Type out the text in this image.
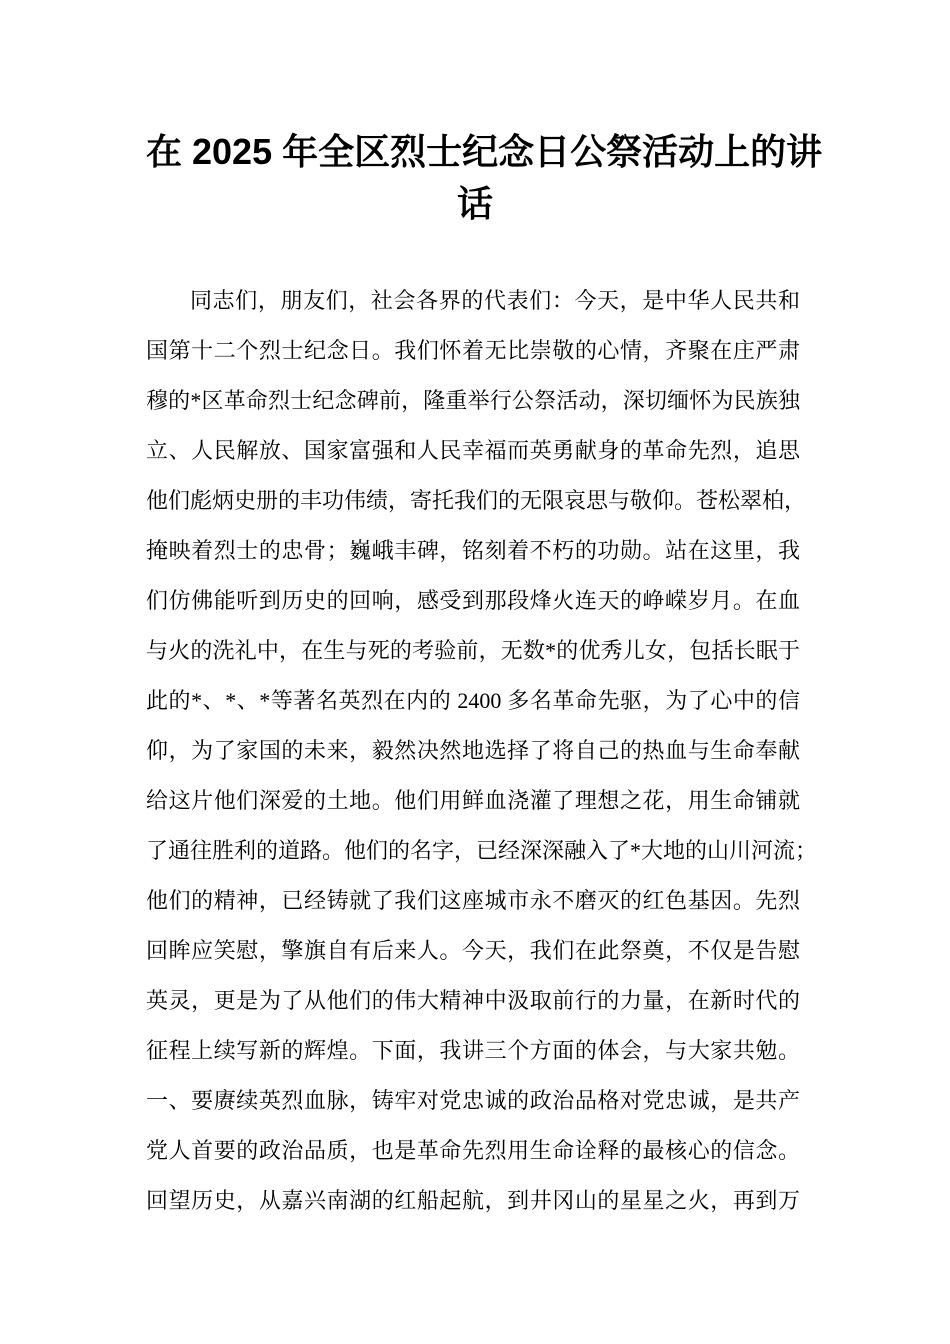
在 2025 年全区烈士纪念日公祭活动上的讲
话
同志们，朋友们，社会各界的代表们：今天，是中华人民共和
国第十二个烈士纪念日。我们怀着无比崇敬的心情，齐聚在庄严肃
穆的*区革命烈士纪念碑前，隆重举行公祭活动，深切缅怀为民族独
立、人民解放、国家富强和人民幸福而英勇献身的革命先烈，追思
他们彪炳史册的丰功伟绩，寄托我们的无限哀思与敬仰。苍松翠柏，
掩映着烈士的忠骨；巍峨丰碑，铭刻着不朽的功勋。站在这里，我
们仿佛能听到历史的回响，感受到那段烽火连天的峥嵘岁月。在血
与火的洗礼中，在生与死的考验前，无数*的优秀儿女，包括长眠于
此的*、*、*等著名英烈在内的 2400 多名革命先驱，为了心中的信
仰，为了家国的未来，毅然决然地选择了将自己的热血与生命奉献
给这片他们深爱的土地。他们用鲜血浇灌了理想之花，用生命铺就
了通往胜利的道路。他们的名字，已经深深融入了*大地的山川河流；
他们的精神，已经铸就了我们这座城市永不磨灭的红色基因。先烈
回眸应笑慰，擎旗自有后来人。今天，我们在此祭奠，不仅是告慰
英灵，更是为了从他们的伟大精神中汲取前行的力量，在新时代的
征程上续写新的辉煌。下面，我讲三个方面的体会，与大家共勉。
一、要赓续英烈血脉，铸牢对党忠诚的政治品格对党忠诚，是共产
党人首要的政治品质，也是革命先烈用生命诠释的最核心的信念。
回望历史，从嘉兴南湖的红船起航，到井冈山的星星之火，再到万
